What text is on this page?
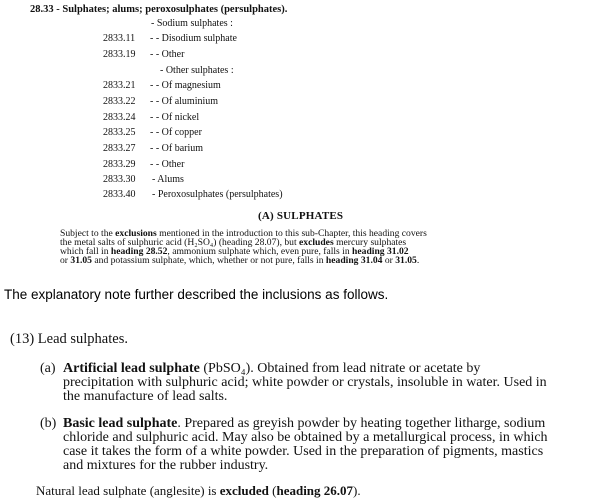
28.33 - Sulphates; alums; peroxosulphates (persulphates).
- Sodium sulphates :
2833.11 - - Disodium sulphate
2833.19 - - Other
- Other sulphates :
2833.21 - - Of magnesium
2833.22 - - Of aluminium
2833.24 - - Of nickel
2833.25 - - Of copper
2833.27 - - Of barium
2833.29 - - Other
2833.30 - Alums
2833.40 - Peroxosulphates (persulphates)
(A) SULPHATES
Subject to the exclusions mentioned in the introduction to this sub-Chapter, this heading covers
the metal salts of sulphuric acid (H₂SO₄) (heading 28.07), but excludes mercury sulphates
which fall in heading 28.52, ammonium sulphate which, even pure, falls in heading 31.02
or 31.05 and potassium sulphate, which, whether or not pure, falls in heading 31.04 or 31.05.
The explanatory note further described the inclusions as follows.
(13) Lead sulphates.
(a) Artificial lead sulphate (PbSO₄). Obtained from lead nitrate or acetate by
precipitation with sulphuric acid; white powder or crystals, insoluble in water. Used in
the manufacture of lead salts.
(b) Basic lead sulphate. Prepared as greyish powder by heating together litharge, sodium
chloride and sulphuric acid. May also be obtained by a metallurgical process, in which
case it takes the form of a white powder. Used in the preparation of pigments, mastics
and mixtures for the rubber industry.
Natural lead sulphate (anglesite) is excluded (heading 26.07).
